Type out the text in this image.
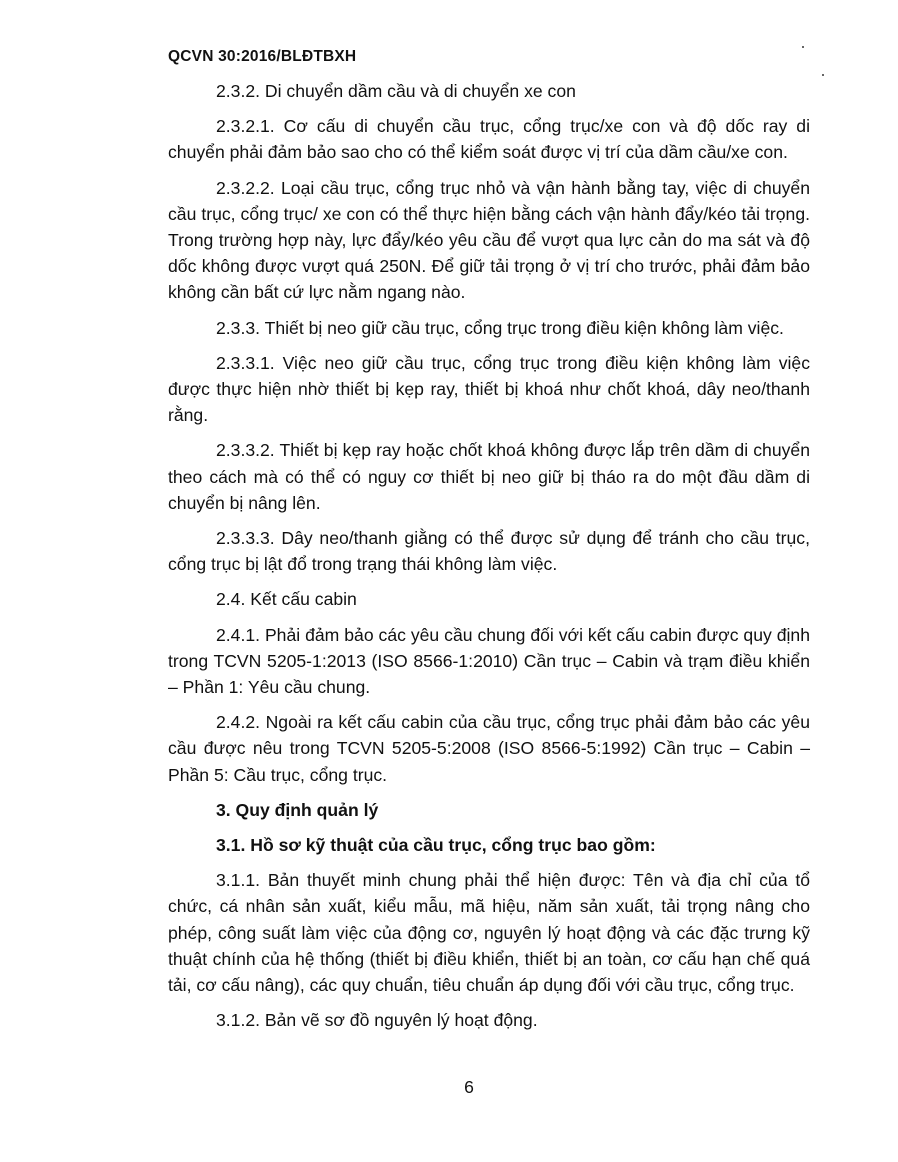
QCVN 30:2016/BLĐTBXH

2.3.2. Di chuyển dầm cầu và di chuyển xe con

2.3.2.1. Cơ cấu di chuyển cầu trục, cổng trục/xe con và độ dốc ray di chuyển phải đảm bảo sao cho có thể kiểm soát được vị trí của dầm cầu/xe con.

2.3.2.2. Loại cầu trục, cổng trục nhỏ và vận hành bằng tay, việc di chuyển cầu trục, cổng trục/ xe con có thể thực hiện bằng cách vận hành đẩy/kéo tải trọng. Trong trường hợp này, lực đẩy/kéo yêu cầu để vượt qua lực cản do ma sát và độ dốc không được vượt quá 250N. Để giữ tải trọng ở vị trí cho trước, phải đảm bảo không cần bất cứ lực nằm ngang nào.

2.3.3. Thiết bị neo giữ cầu trục, cổng trục trong điều kiện không làm việc.

2.3.3.1. Việc neo giữ cầu trục, cổng trục trong điều kiện không làm việc được thực hiện nhờ thiết bị kẹp ray, thiết bị khoá như chốt khoá, dây neo/thanh rằng.

2.3.3.2. Thiết bị kẹp ray hoặc chốt khoá không được lắp trên dầm di chuyển theo cách mà có thể có nguy cơ thiết bị neo giữ bị tháo ra do một đầu dầm di chuyển bị nâng lên.

2.3.3.3. Dây neo/thanh giằng có thể được sử dụng để tránh cho cầu trục, cổng trục bị lật đổ trong trạng thái không làm việc.

2.4. Kết cấu cabin

2.4.1. Phải đảm bảo các yêu cầu chung đối với kết cấu cabin được quy định trong TCVN 5205-1:2013 (ISO 8566-1:2010) Cần trục – Cabin và trạm điều khiển – Phần 1: Yêu cầu chung.

2.4.2. Ngoài ra kết cấu cabin của cầu trục, cổng trục phải đảm bảo các yêu cầu được nêu trong TCVN 5205-5:2008 (ISO 8566-5:1992) Cần trục – Cabin – Phần 5: Cầu trục, cổng trục.

3. Quy định quản lý

3.1. Hồ sơ kỹ thuật của cầu trục, cổng trục bao gồm:

3.1.1. Bản thuyết minh chung phải thể hiện được: Tên và địa chỉ của tổ chức, cá nhân sản xuất, kiểu mẫu, mã hiệu, năm sản xuất, tải trọng nâng cho phép, công suất làm việc của động cơ, nguyên lý hoạt động và các đặc trưng kỹ thuật chính của hệ thống (thiết bị điều khiển, thiết bị an toàn, cơ cấu hạn chế quá tải, cơ cấu nâng), các quy chuẩn, tiêu chuẩn áp dụng đối với cầu trục, cổng trục.

3.1.2. Bản vẽ sơ đồ nguyên lý hoạt động.

6
